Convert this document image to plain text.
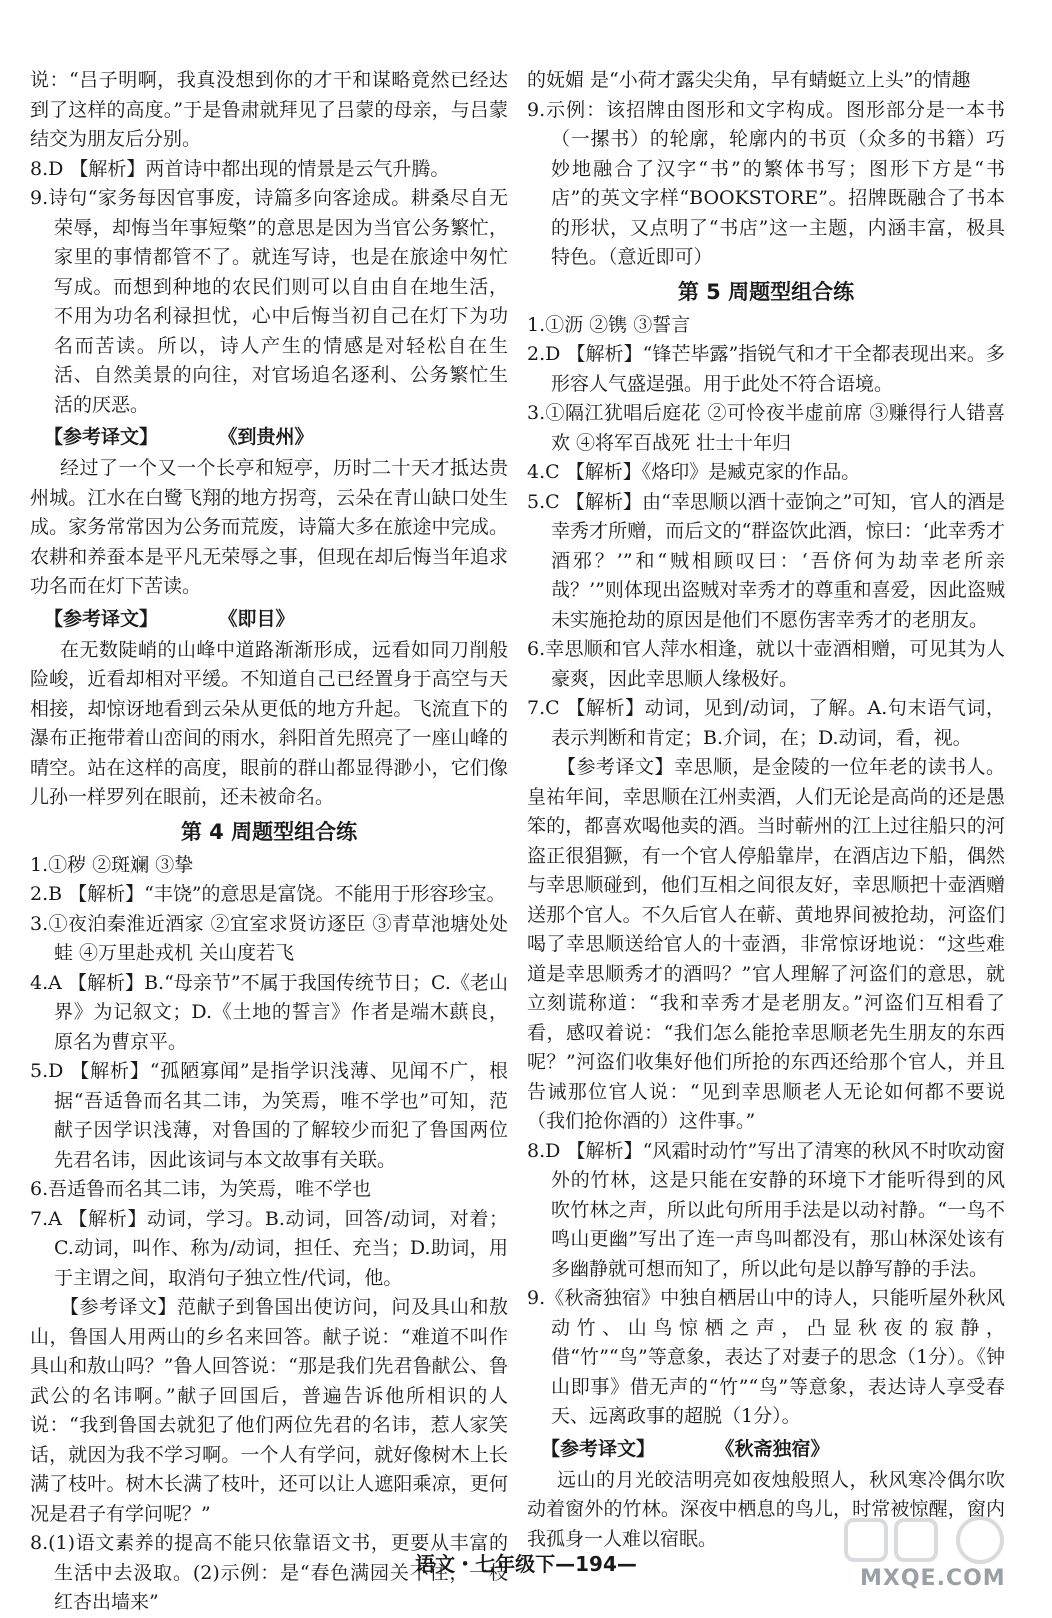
说：“吕子明啊，我真没想到你的才干和谋略竟然已经达到了这样的高度。”于是鲁肃就拜见了吕蒙的母亲，与吕蒙结交为朋友后分别。

8.D 【解析】两首诗中都出现的情景是云气升腾。

9.诗句“家务每因官事废，诗篇多向客途成。耕桑尽自无荣辱，却悔当年事短檠”的意思是因为当官公务繁忙，家里的事情都管不了。就连写诗，也是在旅途中匆忙写成。而想到种地的农民们则可以自由自在地生活，不用为功名利禄担忧，心中后悔当初自己在灯下为功名而苦读。所以，诗人产生的情感是对轻松自在生活、自然美景的向往，对官场追名逐利、公务繁忙生活的厌恶。

【参考译文】	《到贵州》

经过了一个又一个长亭和短亭，历时二十天才抵达贵州城。江水在白鹭飞翔的地方拐弯，云朵在青山缺口处生成。家务常常因为公务而荒废，诗篇大多在旅途中完成。农耕和养蚕本是平凡无荣辱之事，但现在却后悔当年追求功名而在灯下苦读。

【参考译文】	《即目》

在无数陡峭的山峰中道路渐渐形成，远看如同刀削般险峻，近看却相对平缓。不知道自己已经置身于高空与天相接，却惊讶地看到云朵从更低的地方升起。飞流直下的瀑布正拖带着山峦间的雨水，斜阳首先照亮了一座山峰的晴空。站在这样的高度，眼前的群山都显得渺小，它们像儿孙一样罗列在眼前，还未被命名。

第 4 周题型组合练

1.①秽 ②斑斓 ③挚

2.B 【解析】“丰饶”的意思是富饶。不能用于形容珍宝。

3.①夜泊秦淮近酒家 ②宜室求贤访逐臣 ③青草池塘处处蛙 ④万里赴戎机 关山度若飞

4.A 【解析】B.“母亲节”不属于我国传统节日；C.《老山界》为记叙文；D.《土地的誓言》作者是端木蕻良，原名为曹京平。

5.D 【解析】“孤陋寡闻”是指学识浅薄、见闻不广，根据“吾适鲁而名其二讳，为笑焉，唯不学也”可知，范献子因学识浅薄，对鲁国的了解较少而犯了鲁国两位先君名讳，因此该词与本文故事有关联。

6.吾适鲁而名其二讳，为笑焉，唯不学也

7.A 【解析】动词，学习。B.动词，回答/动词，对着；C.动词，叫作、称为/动词，担任、充当；D.助词，用于主谓之间，取消句子独立性/代词，他。

【参考译文】范献子到鲁国出使访问，问及具山和敖山，鲁国人用两山的乡名来回答。献子说：“难道不叫作具山和敖山吗？”鲁人回答说：“那是我们先君鲁献公、鲁武公的名讳啊。”献子回国后，普遍告诉他所相识的人说：“我到鲁国去就犯了他们两位先君的名讳，惹人家笑话，就因为我不学习啊。一个人有学问，就好像树木上长满了枝叶。树木长满了枝叶，还可以让人遮阳乘凉，更何况是君子有学问呢？”

8.(1)语文素养的提高不能只依靠语文书，更要从丰富的生活中去汲取。(2)示例：是“春色满园关不住，一枝红杏出墙来”

的妩媚 是“小荷才露尖尖角，早有蜻蜓立上头”的情趣

9.示例：该招牌由图形和文字构成。图形部分是一本书（一摞书）的轮廓，轮廓内的书页（众多的书籍）巧妙地融合了汉字“书”的繁体书写；图形下方是“书店”的英文字样“BOOKSTORE”。招牌既融合了书本的形状，又点明了“书店”这一主题，内涵丰富，极具特色。（意近即可）

第 5 周题型组合练

1.①沥 ②镌 ③誓言

2.D 【解析】“锋芒毕露”指锐气和才干全都表现出来。多形容人气盛逞强。用于此处不符合语境。

3.①隔江犹唱后庭花 ②可怜夜半虚前席 ③赚得行人错喜欢 ④将军百战死 壮士十年归

4.C 【解析】《烙印》是臧克家的作品。

5.C 【解析】由“幸思顺以酒十壶饷之”可知，官人的酒是幸秀才所赠，而后文的“群盗饮此酒，惊曰：‘此幸秀才酒邪？’”和“贼相顾叹曰：‘吾侪何为劫幸老所亲哉？’”则体现出盗贼对幸秀才的尊重和喜爱，因此盗贼未实施抢劫的原因是他们不愿伤害幸秀才的老朋友。

6.幸思顺和官人萍水相逢，就以十壶酒相赠，可见其为人豪爽，因此幸思顺人缘极好。

7.C 【解析】动词，见到/动词，了解。A.句末语气词，表示判断和肯定；B.介词，在；D.动词，看，视。

【参考译文】幸思顺，是金陵的一位年老的读书人。皇祐年间，幸思顺在江州卖酒，人们无论是高尚的还是愚笨的，都喜欢喝他卖的酒。当时蕲州的江上过往船只的河盗正很猖獗，有一个官人停船靠岸，在酒店边下船，偶然与幸思顺碰到，他们互相之间很友好，幸思顺把十壶酒赠送那个官人。不久后官人在蕲、黄地界间被抢劫，河盗们喝了幸思顺送给官人的十壶酒，非常惊讶地说：“这些难道是幸思顺秀才的酒吗？”官人理解了河盗们的意思，就立刻谎称道：“我和幸秀才是老朋友。”河盗们互相看了看，感叹着说：“我们怎么能抢幸思顺老先生朋友的东西呢？”河盗们收集好他们所抢的东西还给那个官人，并且告诫那位官人说：“见到幸思顺老人无论如何都不要说（我们抢你酒的）这件事。”

8.D 【解析】“风霜时动竹”写出了清寒的秋风不时吹动窗外的竹林，这是只能在安静的环境下才能听得到的风吹竹林之声，所以此句所用手法是以动衬静。“一鸟不鸣山更幽”写出了连一声鸟叫都没有，那山林深处该有多幽静就可想而知了，所以此句是以静写静的手法。

9.《秋斋独宿》中独自栖居山中的诗人，只能听屋外秋风动竹、山鸟惊栖之声，凸显秋夜的寂静，借“竹”“鸟”等意象，表达了对妻子的思念（1分）。《钟山即事》借无声的“竹”“鸟”等意象，表达诗人享受春天、远离政事的超脱（1分）。

【参考译文】	《秋斋独宿》

远山的月光皎洁明亮如夜烛般照人，秋风寒冷偶尔吹动着窗外的竹林。深夜中栖息的鸟儿，时常被惊醒，窗内我孤身一人难以宿眠。

语文・七年级下—194—
MXQE.COM
